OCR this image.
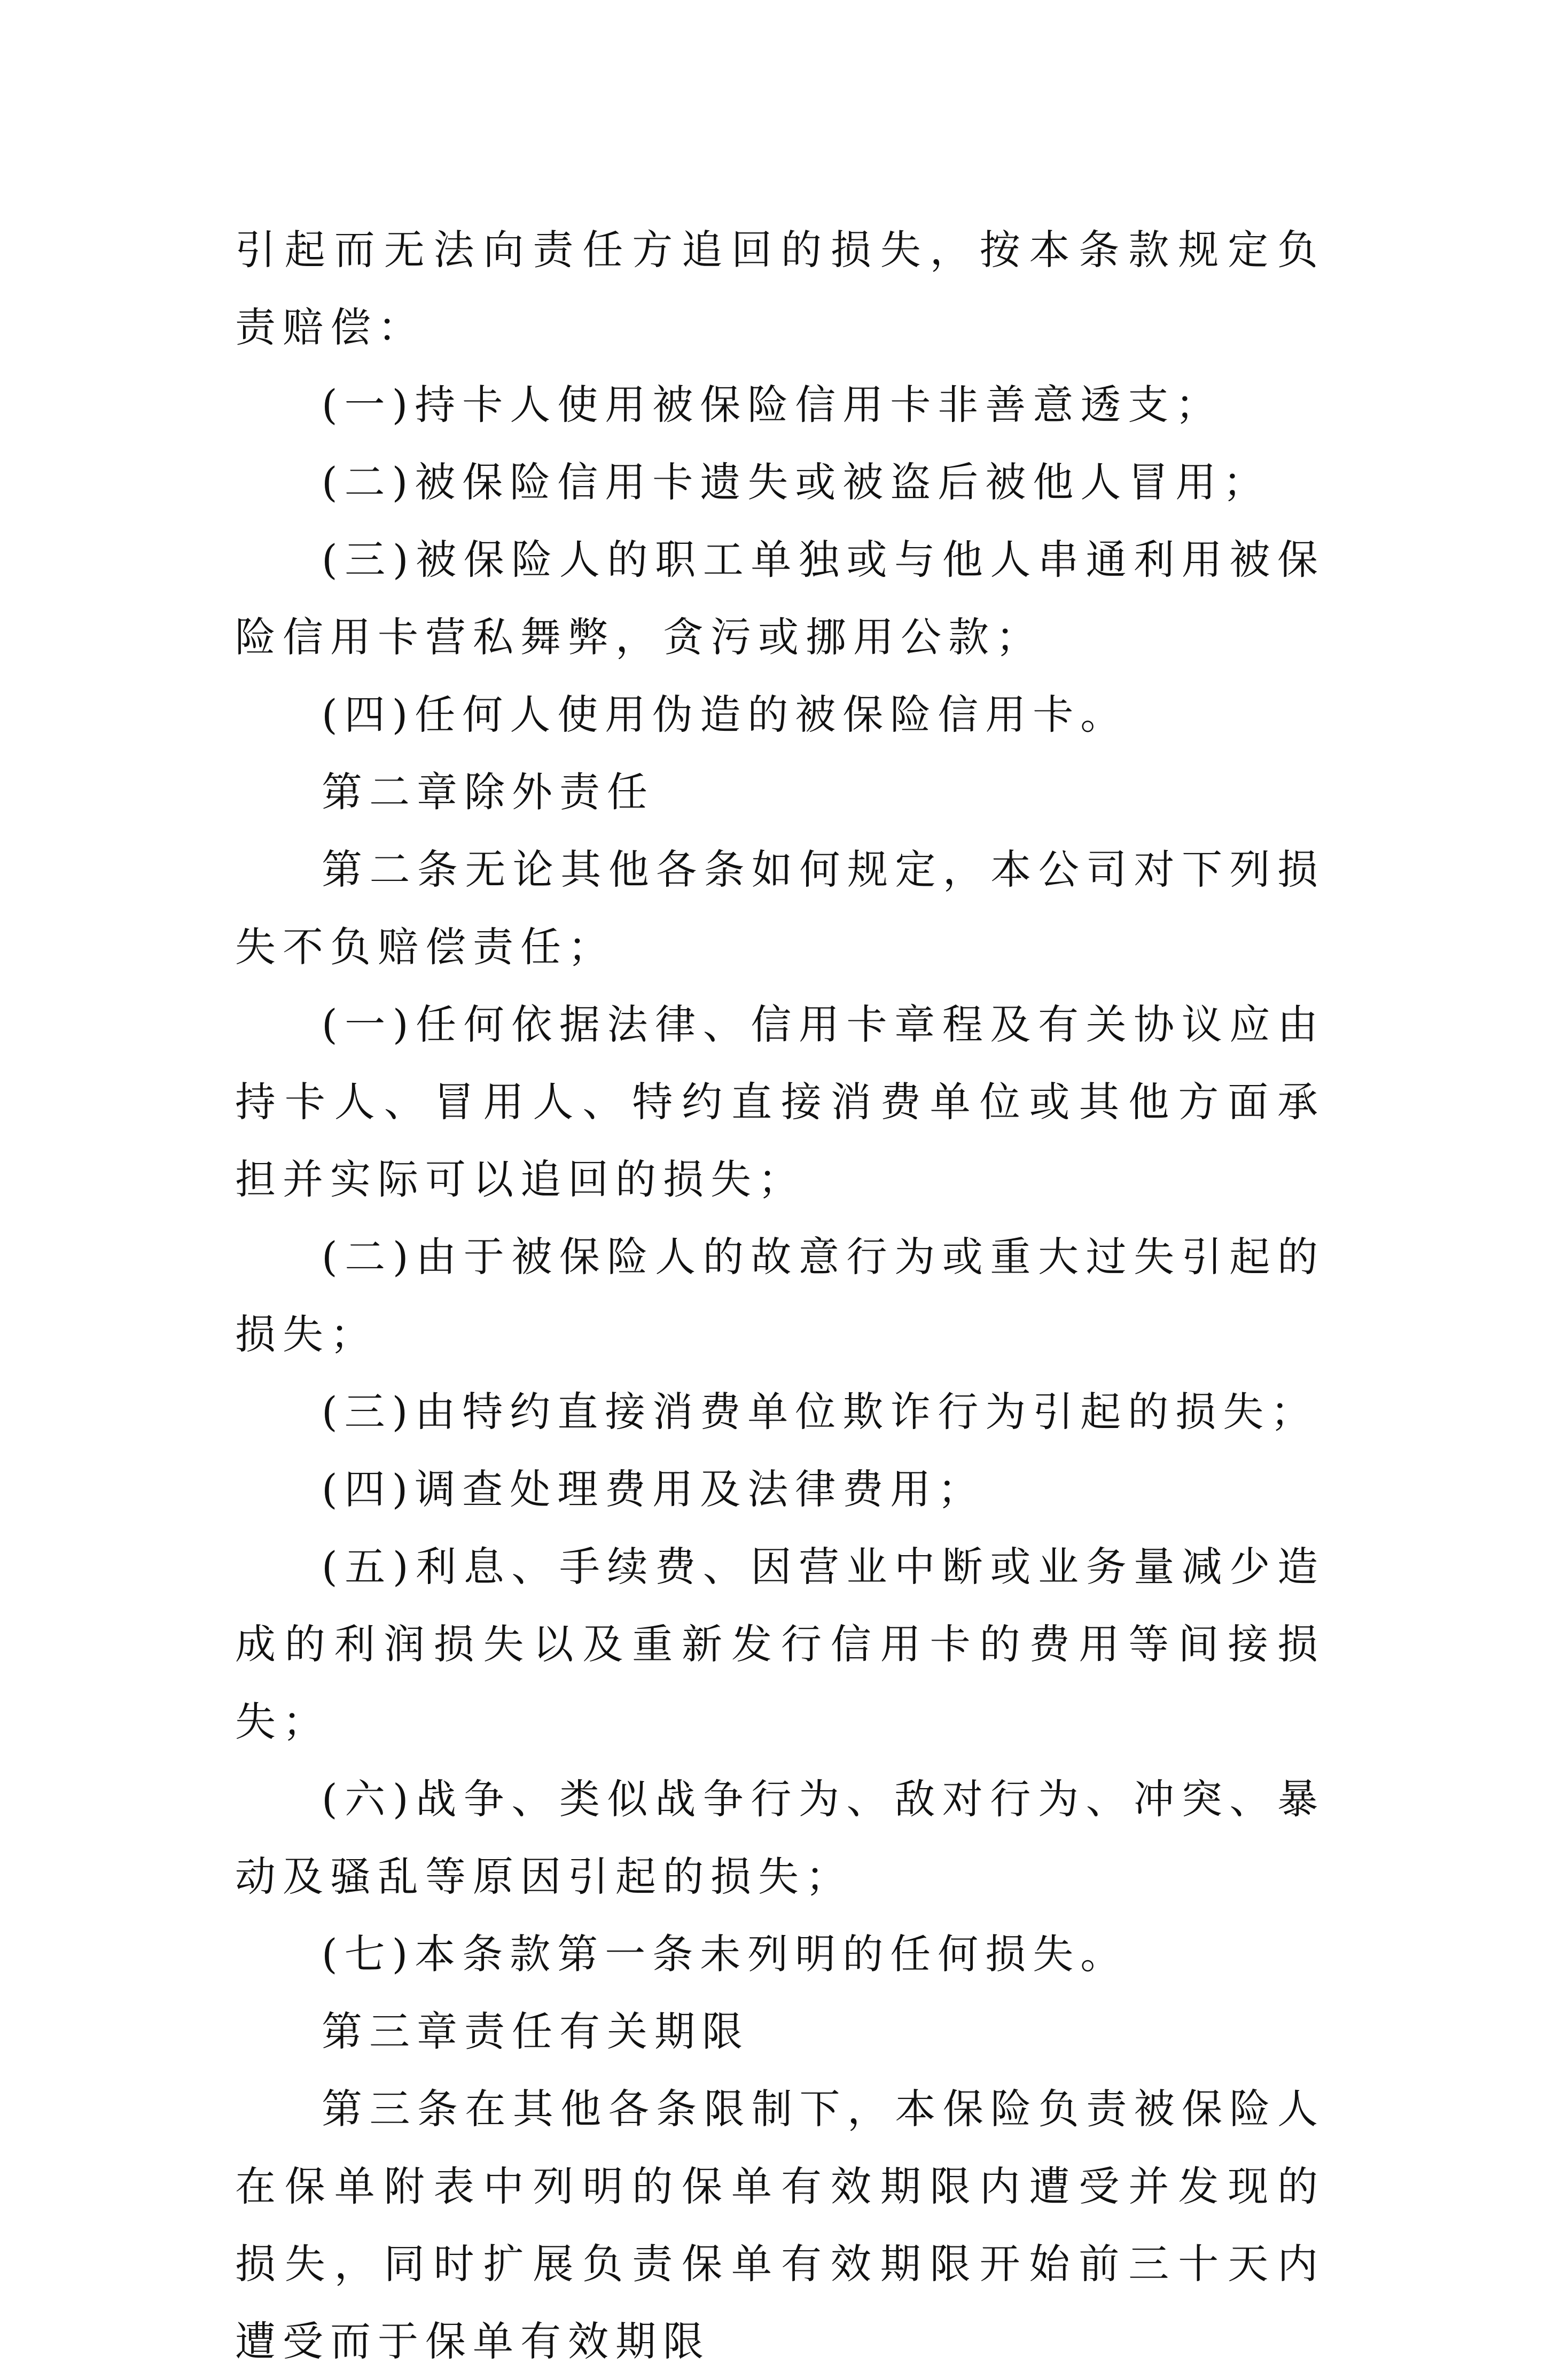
引起而无法向责任方追回的损失，按本条款规定负责赔偿：

(一)持卡人使用被保险信用卡非善意透支；

(二)被保险信用卡遗失或被盗后被他人冒用；

(三)被保险人的职工单独或与他人串通利用被保险信用卡营私舞弊，贪污或挪用公款；

(四)任何人使用伪造的被保险信用卡。

第二章除外责任

第二条无论其他各条如何规定，本公司对下列损失不负赔偿责任；

(一)任何依据法律、信用卡章程及有关协议应由持卡人、冒用人、特约直接消费单位或其他方面承担并实际可以追回的损失；

(二)由于被保险人的故意行为或重大过失引起的损失；

(三)由特约直接消费单位欺诈行为引起的损失；

(四)调查处理费用及法律费用；

(五)利息、手续费、因营业中断或业务量减少造成的利润损失以及重新发行信用卡的费用等间接损失；

(六)战争、类似战争行为、敌对行为、冲突、暴动及骚乱等原因引起的损失；

(七)本条款第一条未列明的任何损失。

第三章责任有关期限

第三条在其他各条限制下，本保险负责被保险人在保单附表中列明的保单有效期限内遭受并发现的损失，同时扩展负责保单有效期限开始前三十天内遭受而于保单有效期限
